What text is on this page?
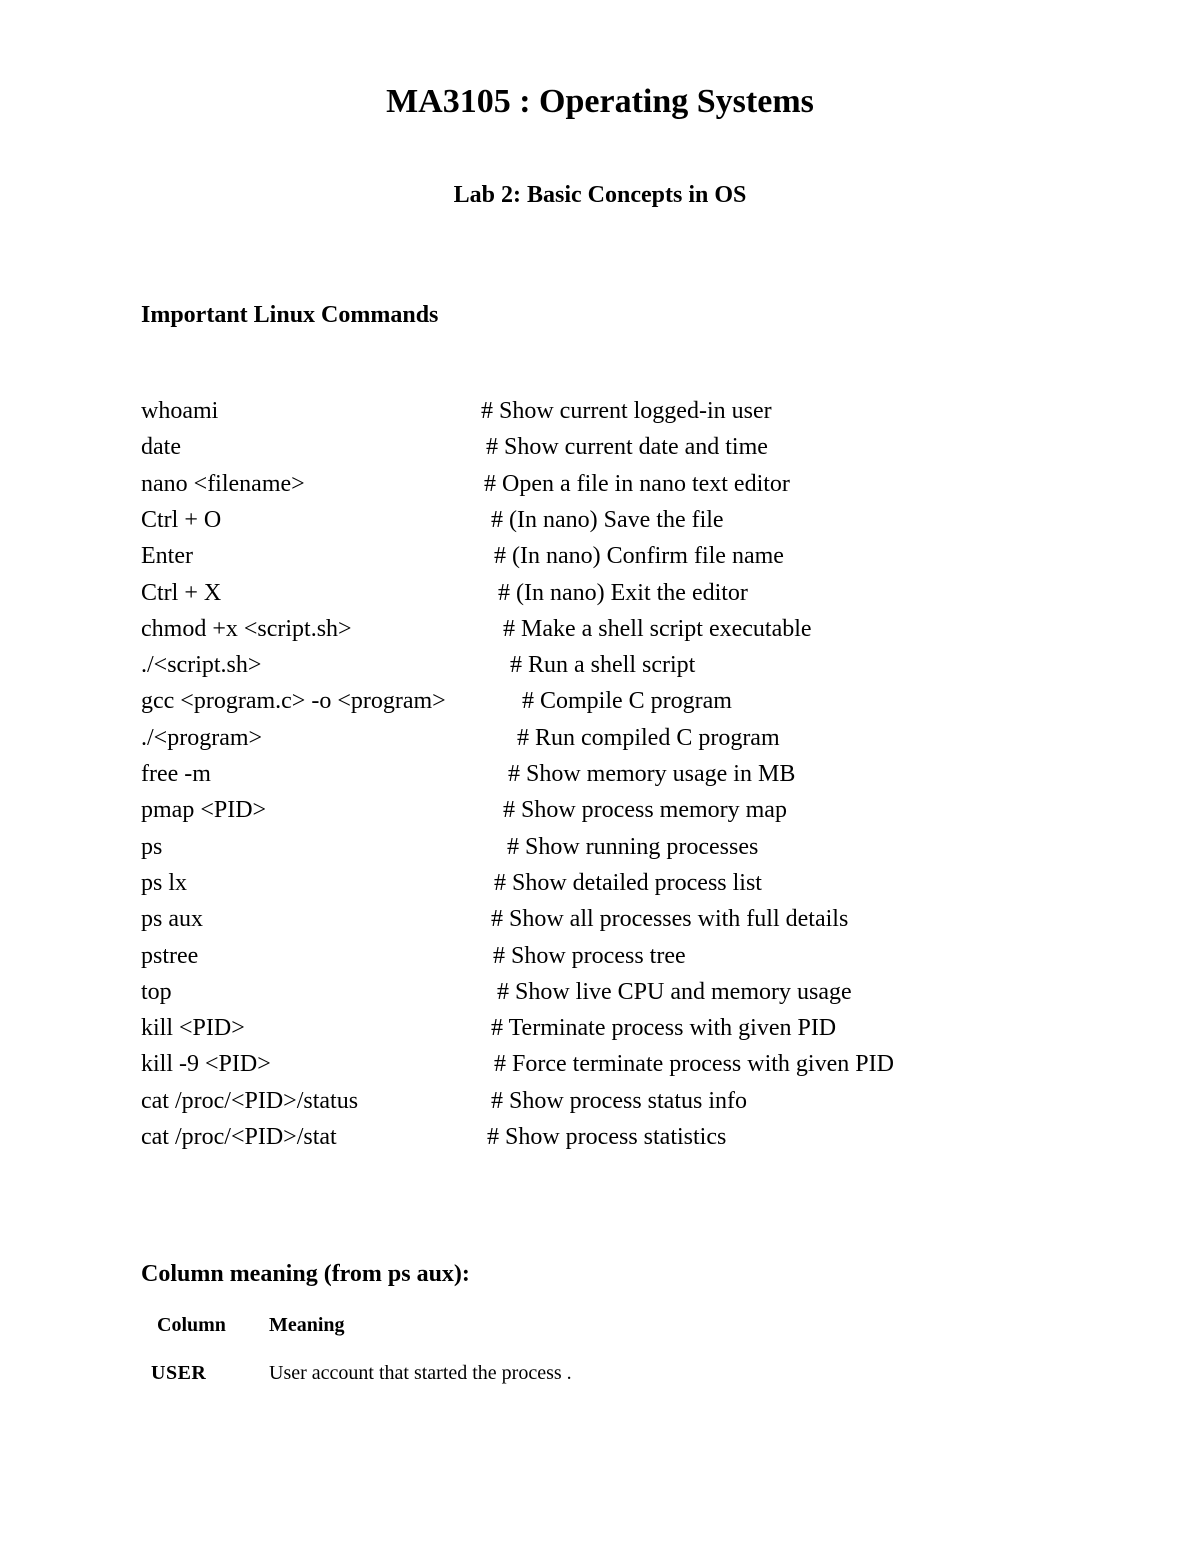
MA3105 : Operating Systems
Lab 2: Basic Concepts in OS
Important Linux Commands
whoami	# Show current logged-in user
date	# Show current date and time
nano <filename>	# Open a file in nano text editor
Ctrl + O	# (In nano) Save the file
Enter	# (In nano) Confirm file name
Ctrl + X	# (In nano) Exit the editor
chmod +x <script.sh>	# Make a shell script executable
./<script.sh>	# Run a shell script
gcc <program.c> -o <program>	# Compile C program
./<program>	# Run compiled C program
free -m	# Show memory usage in MB
pmap <PID>	# Show process memory map
ps	# Show running processes
ps lx	# Show detailed process list
ps aux	# Show all processes with full details
pstree	# Show process tree
top	# Show live CPU and memory usage
kill <PID>	# Terminate process with given PID
kill -9 <PID>	# Force terminate process with given PID
cat /proc/<PID>/status	# Show process status info
cat /proc/<PID>/stat	# Show process statistics
Column meaning (from ps aux):
Column	Meaning
USER	User account that started the process .
